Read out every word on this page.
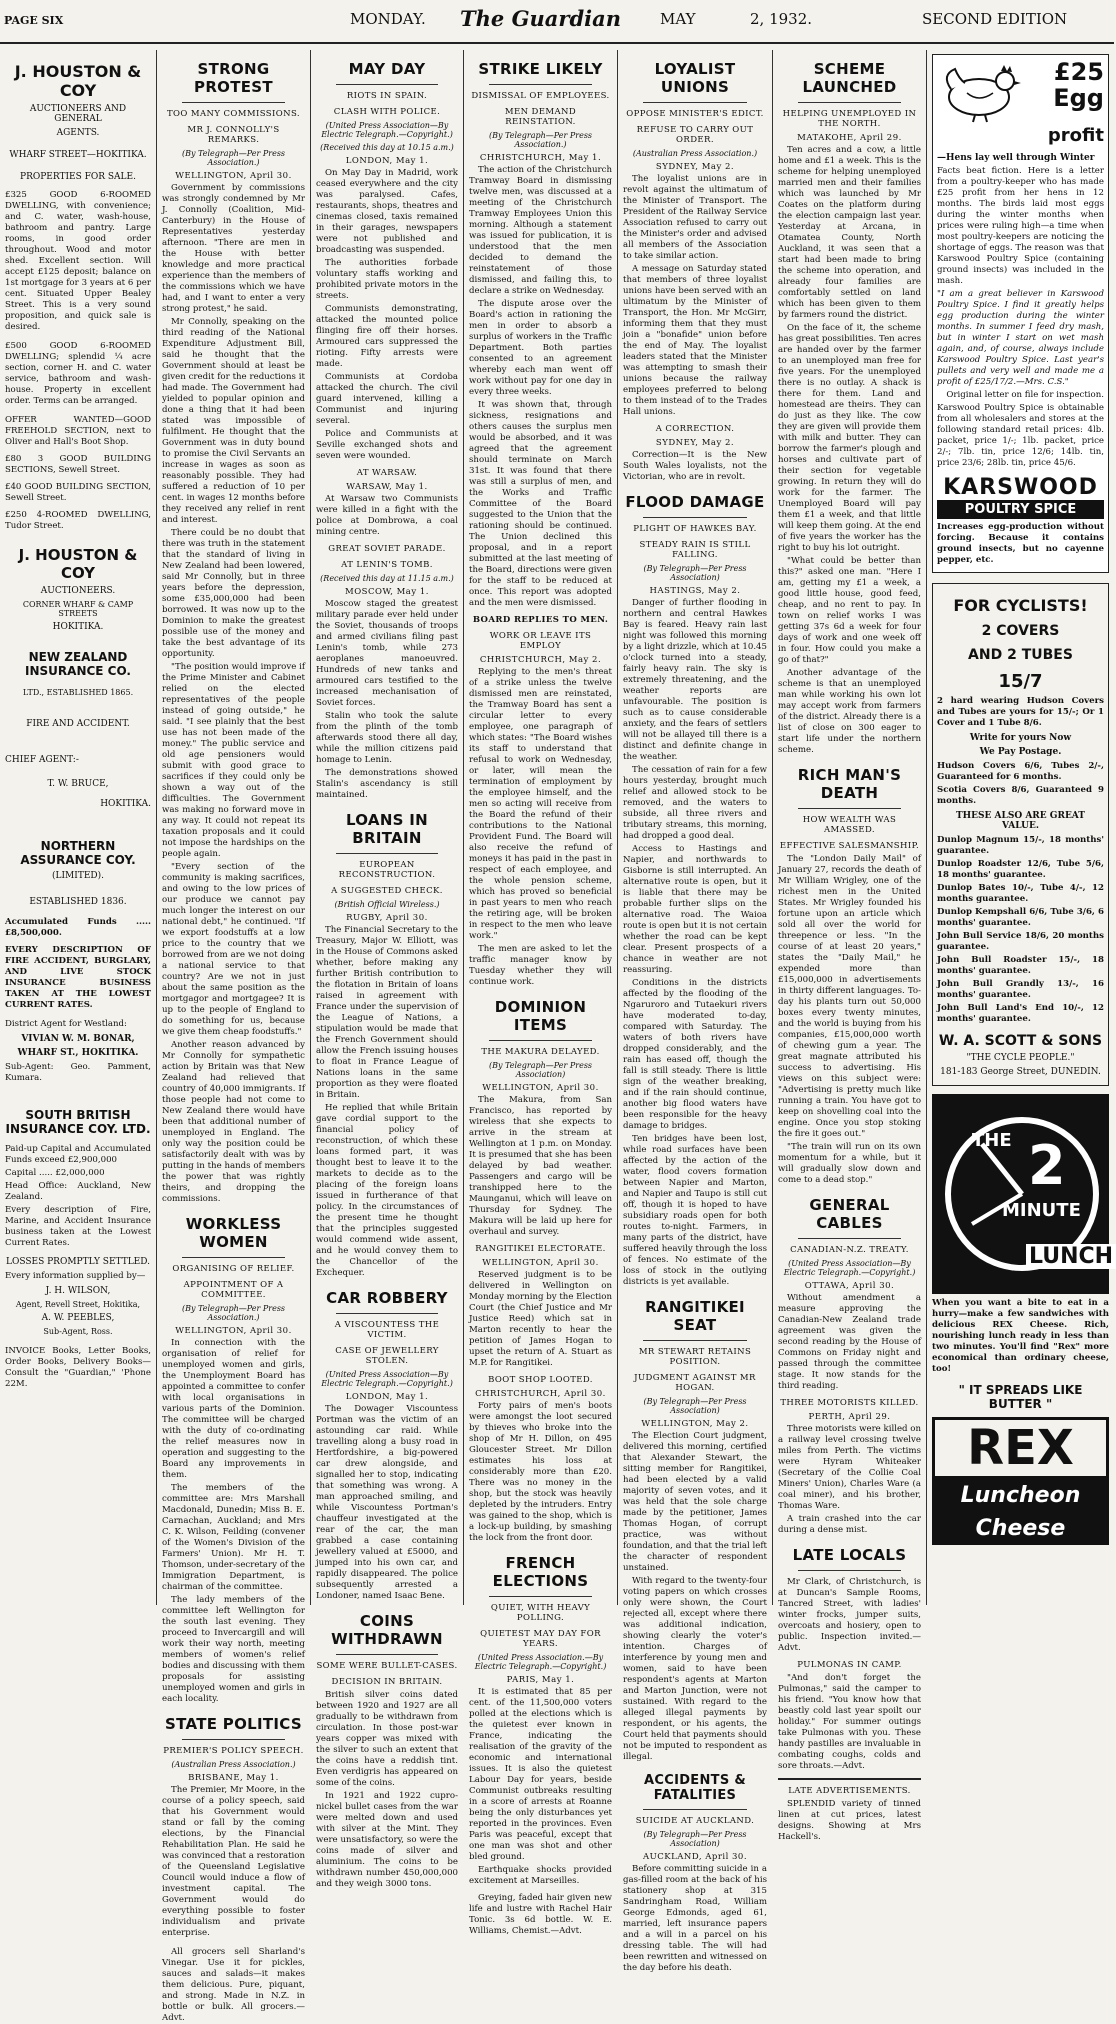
PAGE SIX	MONDAY. The Guardian	MAY	2, 1932.	SECOND EDITION
J. HOUSTON & COY
AUCTIONEERS AND GENERAL
AGENTS.
WHARF STREET—HOKITIKA.
PROPERTIES FOR SALE.

£325 GOOD 6-ROOMED DWELLING, with convenience; and C. water, wash-house, bathroom and pantry. Large rooms, in good order throughout. Wood and motor shed. Excellent section. Will accept £125 deposit; balance on 1st mortgage for 3 years at 6 per cent. Situated Upper Bealey Street. This is a very sound proposition, and quick sale is desired.

£500 GOOD 6-ROOMED DWELLING; splendid ¼ acre section, corner H. and C. water service, bathroom and wash-house. Property in excellent order. Terms can be arranged.

OFFER WANTED—GOOD FREEHOLD SECTION, next to Oliver and Hall's Boot Shop.

£80 3 GOOD BUILDING SECTIONS, Sewell Street.

£40 GOOD BUILDING SECTION, Sewell Street.

£250 4-ROOMED DWELLING, Tudor Street.

J. HOUSTON & COY
AUCTIONEERS.
CORNER WHARF & CAMP STREETS
HOKITIKA.
NEW ZEALAND INSURANCE CO.
LTD., ESTABLISHED 1865.
FIRE AND ACCIDENT.
CHIEF AGENT:-
T. W. BRUCE,
HOKITIKA.
NORTHERN ASSURANCE COY.
(LIMITED).
ESTABLISHED 1836.

Accumulated Funds ..... £8,500,000.

EVERY DESCRIPTION OF FIRE ACCIDENT, BURGLARY, AND LIVE STOCK INSURANCE BUSINESS TAKEN AT THE LOWEST CURRENT RATES.

District Agent for Westland:

VIVIAN W. M. BONAR,
WHARF ST., HOKITIKA.

Sub-Agent: Geo. Pamment, Kumara.

SOUTH BRITISH INSURANCE COY. LTD.

Paid-up Capital and Accumulated Funds exceed £2,900,000

Capital ..... £2,000,000

Head Office: Auckland, New Zealand.

Every description of Fire, Marine, and Accident Insurance business taken at the Lowest Current Rates.

LOSSES PROMPTLY SETTLED.

Every information supplied by—

J. H. WILSON,
Agent, Revell Street, Hokitika,
A. W. PEEBLES,
Sub-Agent, Ross.

INVOICE Books, Letter Books, Order Books, Delivery Books—Consult the "Guardian," 'Phone 22M.

STRONG PROTEST
TOO MANY COMMISSIONS.
MR J. CONNOLLY'S REMARKS.
(By Telegraph—Per Press Association.)
WELLINGTON, April 30.

Government by commissions was strongly condemned by Mr J. Connolly (Coalition, Mid-Canterbury) in the House of Representatives yesterday afternoon. "There are men in the House with better knowledge and more practical experience than the members of the commissions which we have had, and I want to enter a very strong protest," he said.

Mr Connolly, speaking on the third reading of the National Expenditure Adjustment Bill, said he thought that the Government should at least be given credit for the reductions it had made. The Government had yielded to popular opinion and done a thing that it had been stated was impossible of fulfilment. He thought that the Government was in duty bound to promise the Civil Servants an increase in wages as soon as reasonably possible. They had suffered a reduction of 10 per cent. in wages 12 months before they received any relief in rent and interest.

There could be no doubt that there was truth in the statement that the standard of living in New Zealand had been lowered, said Mr Connolly, but in three years before the depression, some £35,000,000 had been borrowed. It was now up to the Dominion to make the greatest possible use of the money and take the best advantage of its opportunity.

"The position would improve if the Prime Minister and Cabinet relied on the elected representatives of the people instead of going outside," he said. "I see plainly that the best use has not been made of the money." The public service and old age pensioners would submit with good grace to sacrifices if they could only be shown a way out of the difficulties. The Government was making no forward move in any way. It could not repeat its taxation proposals and it could not impose the hardships on the people again.

"Every section of the community is making sacrifices, and owing to the low prices of our produce we cannot pay much longer the interest on our national debt," he continued. "If we export foodstuffs at a low price to the country that we borrowed from are we not doing a national service to that country? Are we not in just about the same position as the mortgagor and mortgagee? It is up to the people of England to do something for us, because we give them cheap foodstuffs."

Another reason advanced by Mr Connolly for sympathetic action by Britain was that New Zealand had relieved that country of 40,000 immigrants. If those people had not come to New Zealand there would have been that additional number of unemployed in England. The only way the position could be satisfactorily dealt with was by putting in the hands of members the power that was rightly theirs, and dropping the commissions.

WORKLESS WOMEN
ORGANISING OF RELIEF.
APPOINTMENT OF A COMMITTEE.
(By Telegraph—Per Press Association.)
WELLINGTON, April 30.

In connection with the organisation of relief for unemployed women and girls, the Unemployment Board has appointed a committee to confer with local organisations in various parts of the Dominion. The committee will be charged with the duty of co-ordinating the relief measures now in operation and suggesting to the Board any improvements in them.

The members of the committee are: Mrs Marshall Macdonald, Dunedin; Miss B. E. Carnachan, Auckland; and Mrs C. K. Wilson, Feilding (convener of the Women's Division of the Farmers' Union). Mr H. T. Thomson, under-secretary of the Immigration Department, is chairman of the committee.

The lady members of the committee left Wellington for the south last evening. They proceed to Invercargill and will work their way north, meeting members of women's relief bodies and discussing with them proposals for assisting unemployed women and girls in each locality.

STATE POLITICS
PREMIER'S POLICY SPEECH.
(Australian Press Association.)
BRISBANE, May 1.

The Premier, Mr Moore, in the course of a policy speech, said that his Government would stand or fall by the coming elections, by the Financial Rehabilitation Plan. He said he was convinced that a restoration of the Queensland Legislative Council would induce a flow of investment capital. The Government would do everything possible to foster individualism and private enterprise.

All grocers sell Sharland's Vinegar. Use it for pickles, sauces and salads—it makes them delicious. Pure, piquant, and strong. Made in N.Z. in bottle or bulk. All grocers.—Advt.

MAY DAY
RIOTS IN SPAIN.
CLASH WITH POLICE.
(United Press Association—By Electric Telegraph.—Copyright.)
(Received this day at 10.15 a.m.)
LONDON, May 1.

On May Day in Madrid, work ceased everywhere and the city was paralysed. Cafes, restaurants, shops, theatres and cinemas closed, taxis remained in their garages, newspapers were not published and broadcasting was suspended.

The authorities forbade voluntary staffs working and prohibited private motors in the streets.

Communists demonstrating, attacked the mounted police flinging fire off their horses. Armoured cars suppressed the rioting. Fifty arrests were made.

Communists at Cordoba attacked the church. The civil guard intervened, killing a Communist and injuring several.

Police and Communists at Seville exchanged shots and seven were wounded.

AT WARSAW.
WARSAW, May 1.

At Warsaw two Communists were killed in a fight with the police at Dombrowa, a coal mining centre.

GREAT SOVIET PARADE.
AT LENIN'S TOMB.
(Received this day at 11.15 a.m.)
MOSCOW, May 1.

Moscow staged the greatest military parade ever held under the Soviet, thousands of troops and armed civilians filing past Lenin's tomb, while 273 aeroplanes manoeuvred. Hundreds of new tanks and armoured cars testified to the increased mechanisation of Soviet forces.

Stalin who took the salute from the plinth of the tomb afterwards stood there all day, while the million citizens paid homage to Lenin.

The demonstrations showed Stalin's ascendancy is still maintained.

LOANS IN BRITAIN
EUROPEAN RECONSTRUCTION.
A SUGGESTED CHECK.
(British Official Wireless.)
RUGBY, April 30.

The Financial Secretary to the Treasury, Major W. Elliott, was in the House of Commons asked whether, before making any further British contribution to the flotation in Britain of loans raised in agreement with France under the supervision of the League of Nations, a stipulation would be made that the French Government should allow the French issuing houses to float in France League of Nations loans in the same proportion as they were floated in Britain.

He replied that while Britain gave cordial support to the financial policy of reconstruction, of which these loans formed part, it was thought best to leave it to the markets to decide as to the placing of the foreign loans issued in furtherance of that policy. In the circumstances of the present time he thought that the principles suggested would commend wide assent, and he would convey them to the Chancellor of the Exchequer.

CAR ROBBERY
A VISCOUNTESS THE VICTIM.
CASE OF JEWELLERY STOLEN.
(United Press Association—By Electric Telegraph.—Copyright.)
LONDON, May 1.

The Dowager Viscountess Portman was the victim of an astounding car raid. While travelling along a busy road in Hertfordshire, a big-powered car drew alongside, and signalled her to stop, indicating that something was wrong. A man approached smiling, and while Viscountess Portman's chauffeur investigated at the rear of the car, the man grabbed a case containing jewellery valued at £5000, and jumped into his own car, and rapidly disappeared. The police subsequently arrested a Londoner, named Isaac Bene.

COINS WITHDRAWN
SOME WERE BULLET-CASES.
DECISION IN BRITAIN.

British silver coins dated between 1920 and 1927 are all gradually to be withdrawn from circulation. In those post-war years copper was mixed with the silver to such an extent that the coins have a reddish tint. Even verdigris has appeared on some of the coins.

In 1921 and 1922 cupro-nickel bullet cases from the war were melted down and used with silver at the Mint. They were unsatisfactory, so were the coins made of silver and aluminium. The coins to be withdrawn number 450,000,000 and they weigh 3000 tons.

STRIKE LIKELY
DISMISSAL OF EMPLOYEES.
MEN DEMAND REINSTATION.
(By Telegraph—Per Press Association.)
CHRISTCHURCH, May 1.

The action of the Christchurch Tramway Board in dismissing twelve men, was discussed at a meeting of the Christchurch Tramway Employees Union this morning. Although a statement was issued for publication, it is understood that the men decided to demand the reinstatement of those dismissed, and failing this, to declare a strike on Wednesday.

The dispute arose over the Board's action in rationing the men in order to absorb a surplus of workers in the Traffic Department. Both parties consented to an agreement whereby each man went off work without pay for one day in every three weeks.

It was shown that, through sickness, resignations and others causes the surplus men would be absorbed, and it was agreed that the agreement should terminate on March 31st. It was found that there was still a surplus of men, and the Works and Traffic Committee of the Board suggested to the Union that the rationing should be continued. The Union declined this proposal, and in a report submitted at the last meeting of the Board, directions were given for the staff to be reduced at once. This report was adopted and the men were dismissed.

BOARD REPLIES TO MEN.
WORK OR LEAVE ITS EMPLOY
CHRISTCHURCH, May 2.

Replying to the men's threat of a strike unless the twelve dismissed men are reinstated, the Tramway Board has sent a circular letter to every employee, one paragraph of which states: "The Board wishes its staff to understand that refusal to work on Wednesday, or later, will mean the termination of employment by the employee himself, and the men so acting will receive from the Board the refund of their contributions to the National Provident Fund. The Board will also receive the refund of moneys it has paid in the past in respect of each employee, and the whole pension scheme, which has proved so beneficial in past years to men who reach the retiring age, will be broken in respect to the men who leave work."

The men are asked to let the traffic manager know by Tuesday whether they will continue work.

DOMINION ITEMS
THE MAKURA DELAYED.
(By Telegraph—Per Press Association)
WELLINGTON, April 30.

The Makura, from San Francisco, has reported by wireless that she expects to arrive in the stream at Wellington at 1 p.m. on Monday. It is presumed that she has been delayed by bad weather. Passengers and cargo will be transhipped here to the Maunganui, which will leave on Thursday for Sydney. The Makura will be laid up here for overhaul and survey.

RANGITIKEI ELECTORATE.
WELLINGTON, April 30.

Reserved judgment is to be delivered in Wellington on Monday morning by the Election Court (the Chief Justice and Mr Justice Reed) which sat in Marton recently to hear the petition of James Hogan to upset the return of A. Stuart as M.P. for Rangitikei.

BOOT SHOP LOOTED.
CHRISTCHURCH, April 30.

Forty pairs of men's boots were amongst the loot secured by thieves who broke into the shop of Mr H. Dillon, on 495 Gloucester Street. Mr Dillon estimates his loss at considerably more than £20. There was no money in the shop, but the stock was heavily depleted by the intruders. Entry was gained to the shop, which is a lock-up building, by smashing the lock from the front door.

FRENCH ELECTIONS
QUIET, WITH HEAVY POLLING.
QUIETEST MAY DAY FOR YEARS.
(United Press Association.—By Electric Telegraph.—Copyright.)
PARIS, May 1.

It is estimated that 85 per cent. of the 11,500,000 voters polled at the elections which is the quietest ever known in France, indicating the realisation of the gravity of the economic and international issues. It is also the quietest Labour Day for years, beside Communist outbreaks resulting in a score of arrests at Roanne being the only disturbances yet reported in the provinces. Even Paris was peaceful, except that one man was shot and other bled ground.

Earthquake shocks provided excitement at Marseilles.

Greying, faded hair given new life and lustre with Rachel Hair Tonic. 3s 6d bottle. W. E. Williams, Chemist.—Advt.

LOYALIST UNIONS
OPPOSE MINISTER'S EDICT.
REFUSE TO CARRY OUT ORDER.
(Australian Press Association.)
SYDNEY, May 2.

The loyalist unions are in revolt against the ultimatum of the Minister of Transport. The President of the Railway Service Association refused to carry out the Minister's order and advised all members of the Association to take similar action.

A message on Saturday stated that members of three loyalist unions have been served with an ultimatum by the Minister of Transport, the Hon. Mr McGirr, informing them that they must join a "bonafide" union before the end of May. The loyalist leaders stated that the Minister was attempting to smash their unions because the railway employees preferred to belong to them instead of to the Trades Hall unions.

A CORRECTION.
SYDNEY, May 2.

Correction—It is the New South Wales loyalists, not the Victorian, who are in revolt.

FLOOD DAMAGE
PLIGHT OF HAWKES BAY.
STEADY RAIN IS STILL FALLING.
(By Telegraph—Per Press Association)
HASTINGS, May 2.

Danger of further flooding in northern and central Hawkes Bay is feared. Heavy rain last night was followed this morning by a light drizzle, which at 10.45 o'clock turned into a steady, fairly heavy rain. The sky is extremely threatening, and the weather reports are unfavourable. The position is such as to cause considerable anxiety, and the fears of settlers will not be allayed till there is a distinct and definite change in the weather.

The cessation of rain for a few hours yesterday, brought much relief and allowed stock to be removed, and the waters to subside, all three rivers and tributary streams, this morning, had dropped a good deal.

Access to Hastings and Napier, and northwards to Gisborne is still interrupted. An alternative route is open, but it is liable that there may be probable further slips on the alternative road. The Waioa route is open but it is not certain whether the road can be kept clear. Present prospects of a chance in weather are not reassuring.

Conditions in the districts affected by the flooding of the Ngaruroro and Tutaekuri rivers have moderated to-day, compared with Saturday. The waters of both rivers have dropped considerably, and the rain has eased off, though the fall is still steady. There is little sign of the weather breaking, and if the rain should continue, another big flood waters have been responsible for the heavy damage to bridges.

Ten bridges have been lost, while road surfaces have been affected by the action of the water, flood covers formation between Napier and Marton, and Napier and Taupo is still cut off, though it is hoped to have subsidiary roads open for both routes to-night. Farmers, in many parts of the district, have suffered heavily through the loss of fences. No estimate of the loss of stock in the outlying districts is yet available.

RANGITIKEI SEAT
MR STEWART RETAINS POSITION.
JUDGMENT AGAINST MR HOGAN.
(By Telegraph—Per Press Association)
WELLINGTON, May 2.

The Election Court judgment, delivered this morning, certified that Alexander Stewart, the sitting member for Rangitikei, had been elected by a valid majority of seven votes, and it was held that the sole charge made by the petitioner, James Thomas Hogan, of corrupt practice, was without foundation, and that the trial left the character of respondent unstained.

With regard to the twenty-four voting papers on which crosses only were shown, the Court rejected all, except where there was additional indication, showing clearly the voter's intention. Charges of interference by young men and women, said to have been respondent's agents at Marton and Marton Junction, were not sustained. With regard to the alleged illegal payments by respondent, or his agents, the Court held that payments should not be imputed to respondent as illegal.

ACCIDENTS & FATALITIES
SUICIDE AT AUCKLAND.
(By Telegraph—Per Press Association)
AUCKLAND, April 30.

Before committing suicide in a gas-filled room at the back of his stationery shop at 315 Sandringham Road, William George Edmonds, aged 61, married, left insurance papers and a will in a parcel on his dressing table. The will had been rewritten and witnessed on the day before his death.

SCHEME LAUNCHED
HELPING UNEMPLOYED IN THE NORTH.
MATAKOHE, April 29.

Ten acres and a cow, a little home and £1 a week. This is the scheme for helping unemployed married men and their families which was launched by Mr Coates on the platform during the election campaign last year. Yesterday at Arcana, in Otamatea County, North Auckland, it was seen that a start had been made to bring the scheme into operation, and already four families are comfortably settled on land which has been given to them by farmers round the district.

On the face of it, the scheme has great possibilities. Ten acres are handed over by the farmer to an unemployed man free for five years. For the unemployed there is no outlay. A shack is there for them. Land and homestead are theirs. They can do just as they like. The cow they are given will provide them with milk and butter. They can borrow the farmer's plough and horses and cultivate part of their section for vegetable growing. In return they will do work for the farmer. The Unemployed Board will pay them £1 a week, and that little will keep them going. At the end of five years the worker has the right to buy his lot outright.

"What could be better than this?" asked one man. "Here I am, getting my £1 a week, a good little house, good feed, cheap, and no rent to pay. In town on relief works I was getting 37s 6d a week for four days of work and one week off in four. How could you make a go of that?"

Another advantage of the scheme is that an unemployed man while working his own lot may accept work from farmers of the district. Already there is a list of close on 300 eager to start life under the northern scheme.

RICH MAN'S DEATH
HOW WEALTH WAS AMASSED.
EFFECTIVE SALESMANSHIP.

The "London Daily Mail" of January 27, records the death of Mr William Wrigley, one of the richest men in the United States. Mr Wrigley founded his fortune upon an article which sold all over the world for threepence or less. "In the course of at least 20 years," states the "Daily Mail," he expended more than £15,000,000 in advertisements in thirty different languages. To-day his plants turn out 50,000 boxes every twenty minutes, and the world is buying from his companies, £15,000,000 worth of chewing gum a year. The great magnate attributed his success to advertising. His views on this subject were: "Advertising is pretty much like running a train. You have got to keep on shovelling coal into the engine. Once you stop stoking the fire it goes out."

"The train will run on its own momentum for a while, but it will gradually slow down and come to a dead stop."

GENERAL CABLES
CANADIAN-N.Z. TREATY.
(United Press Association—By Electric Telegraph.—Copyright.)
OTTAWA, April 30.

Without amendment a measure approving the Canadian-New Zealand trade agreement was given the second reading by the House of Commons on Friday night and passed through the committee stage. It now stands for the third reading.

THREE MOTORISTS KILLED.
PERTH, April 29.

Three motorists were killed on a railway level crossing twelve miles from Perth. The victims were Hyram Whiteaker (Secretary of the Collie Coal Miners' Union), Charles Ware (a coal miner), and his brother, Thomas Ware.

A train crashed into the car during a dense mist.

LATE LOCALS

Mr Clark, of Christchurch, is at Duncan's Sample Rooms, Tancred Street, with ladies' winter frocks, jumper suits, overcoats and hosiery, open to public. Inspection invited.—Advt.

PULMONAS IN CAMP.

"And don't forget the Pulmonas," said the camper to his friend. "You know how that beastly cold last year spoilt our holiday." For summer outings take Pulmonas with you. These handy pastilles are invaluable in combating coughs, colds and sore throats.—Advt.

LATE ADVERTISEMENTS.

SPLENDID variety of tinned linen at cut prices, latest designs. Showing at Mrs Hackell's.

£25
Egg
profit

—Hens lay well through Winter

Facts beat fiction. Here is a letter from a poultry-keeper who has made £25 profit from her hens in 12 months. The birds laid most eggs during the winter months when prices were ruling high—a time when most poultry-keepers are noticing the shortage of eggs. The reason was that Karswood Poultry Spice (containing ground insects) was included in the mash.

"I am a great believer in Karswood Poultry Spice. I find it greatly helps egg production during the winter months. In summer I feed dry mash, but in winter I start on wet mash again, and, of course, always include Karswood Poultry Spice. Last year's pullets and very well and made me a profit of £25/17/2.—Mrs. C.S."

Original letter on file for inspection.

Karswood Poultry Spice is obtainable from all wholesalers and stores at the following standard retail prices: 4lb. packet, price 1/-; 1lb. packet, price 2/-; 7lb. tin, price 12/6; 14lb. tin, price 23/6; 28lb. tin, price 45/6.

KARSWOOD
POULTRY SPICE

Increases egg-production without forcing. Because it contains ground insects, but no cayenne pepper, etc.

FOR CYCLISTS!
2 COVERS
AND 2 TUBES
15/7

2 hard wearing Hudson Covers and Tubes are yours for 15/-; Or 1 Cover and 1 Tube 8/6.

Write for yours Now
We Pay Postage.

Hudson Covers 6/6, Tubes 2/-, Guaranteed for 6 months.

Scotia Covers 8/6, Guaranteed 9 months.

THESE ALSO ARE GREAT VALUE.

Dunlop Magnum 15/-, 18 months' guarantee.

Dunlop Roadster 12/6, Tube 5/6, 18 months' guarantee.

Dunlop Bates 10/-, Tube 4/-, 12 months guarantee.

Dunlop Kempshall 6/6, Tube 3/6, 6 months' guarantee.

John Bull Service 18/6, 20 months guarantee.

John Bull Roadster 15/-, 18 months' guarantee.

John Bull Grandly 13/-, 16 months' guarantee.

John Bull Land's End 10/-, 12 months' guarantee.

W. A. SCOTT & SONS
"THE CYCLE PEOPLE."
181-183 George Street, DUNEDIN.
THE 2
MINUTE
LUNCH

When you want a bite to eat in a hurry—make a few sandwiches with delicious REX Cheese. Rich, nourishing lunch ready in less than two minutes. You'll find "Rex" more economical than ordinary cheese, too!

" IT SPREADS LIKE BUTTER "
REX
Luncheon
Cheese
